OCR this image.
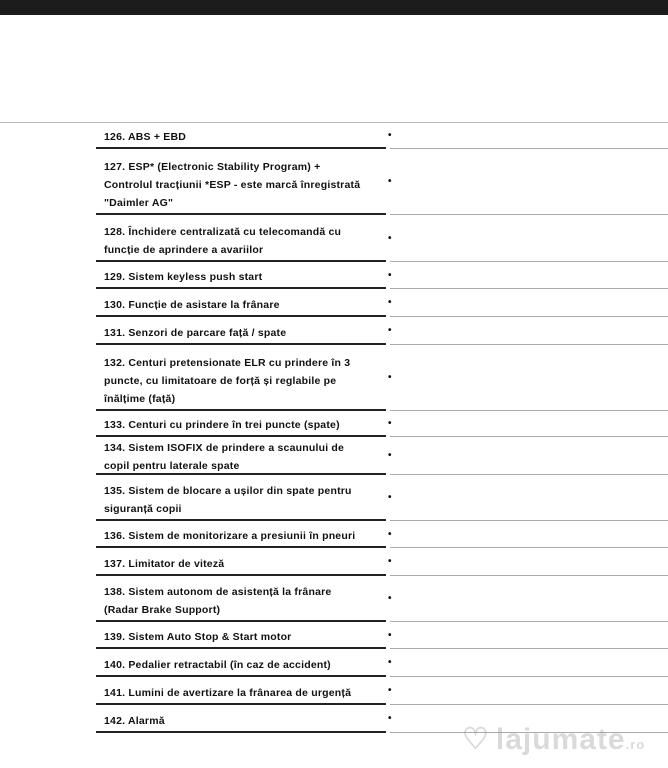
126. ABS + EBD	•
127. ESP* (Electronic Stability Program) +
Controlul tracțiunii *ESP - este marcă înregistrată
"Daimler AG"
•
128. Închidere centralizată cu telecomandă cu
funcție de aprindere a avariilor
•
129. Sistem keyless push start	•
130. Funcție de asistare la frânare	•
131. Senzori de parcare față / spate	•
132. Centuri pretensionate ELR cu prindere în 3
puncte, cu limitatoare de forță și reglabile pe
înălțime (față)
•
133. Centuri cu prindere în trei puncte (spate)	•
134. Sistem ISOFIX de prindere a scaunului de
copil pentru laterale spate
•
135. Sistem de blocare a ușilor din spate pentru
siguranță copii
•
136. Sistem de monitorizare a presiunii în pneuri	•
137. Limitator de viteză	•
138. Sistem autonom de asistență la frânare
(Radar Brake Support)
•
139. Sistem Auto Stop & Start motor	•
140. Pedalier retractabil (în caz de accident)	•
141. Lumini de avertizare la frânarea de urgență	•
142. Alarmă	•
♡ lajumate.ro
